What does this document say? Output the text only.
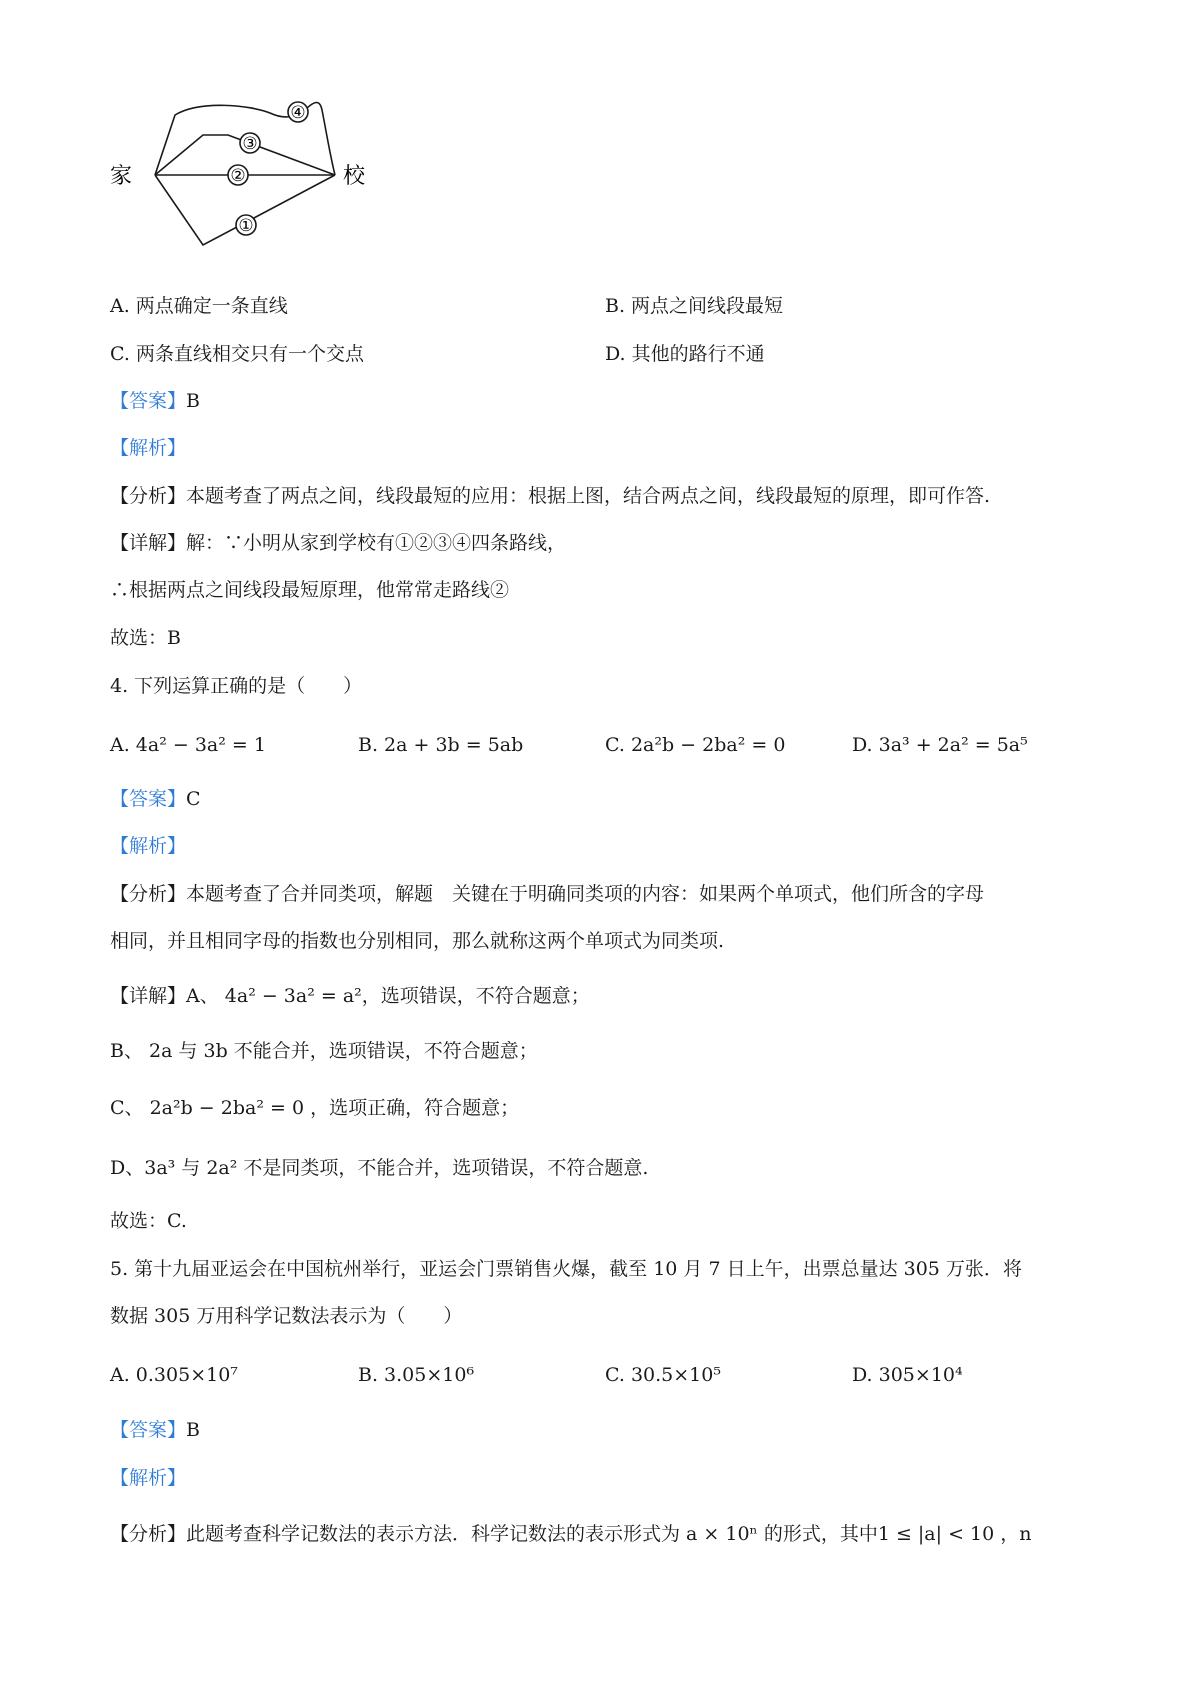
②
①
③
④
家	校
A. 两点确定一条直线	B. 两点之间线段最短
C. 两条直线相交只有一个交点	D. 其他的路行不通
【答案】B
【解析】
【分析】本题考查了两点之间，线段最短的应用：根据上图，结合两点之间，线段最短的原理，即可作答.
【详解】解：∵小明从家到学校有①②③④四条路线，
∴根据两点之间线段最短原理，他常常走路线②
故选：B
4. 下列运算正确的是（　　）
A. 4a² − 3a² = 1	B. 2a + 3b = 5ab	C. 2a²b − 2ba² = 0	D. 3a³ + 2a² = 5a⁵
【答案】C
【解析】
【分析】本题考查了合并同类项，解题　关键在于明确同类项的内容：如果两个单项式，他们所含的字母
相同，并且相同字母的指数也分别相同，那么就称这两个单项式为同类项.
【详解】A、 4a² − 3a² = a²，选项错误，不符合题意；
B、 2a 与 3b 不能合并，选项错误，不符合题意；
C、 2a²b − 2ba² = 0 ，选项正确，符合题意；
D、3a³ 与 2a² 不是同类项，不能合并，选项错误，不符合题意.
故选：C.
5. 第十九届亚运会在中国杭州举行，亚运会门票销售火爆，截至 10 月 7 日上午，出票总量达 305 万张．将
数据 305 万用科学记数法表示为（　　）
A. 0.305×10⁷	B. 3.05×10⁶	C. 30.5×10⁵	D. 305×10⁴
【答案】B
【解析】
【分析】此题考查科学记数法的表示方法．科学记数法的表示形式为 a × 10ⁿ 的形式，其中1 ≤ |a| < 10 ，n
